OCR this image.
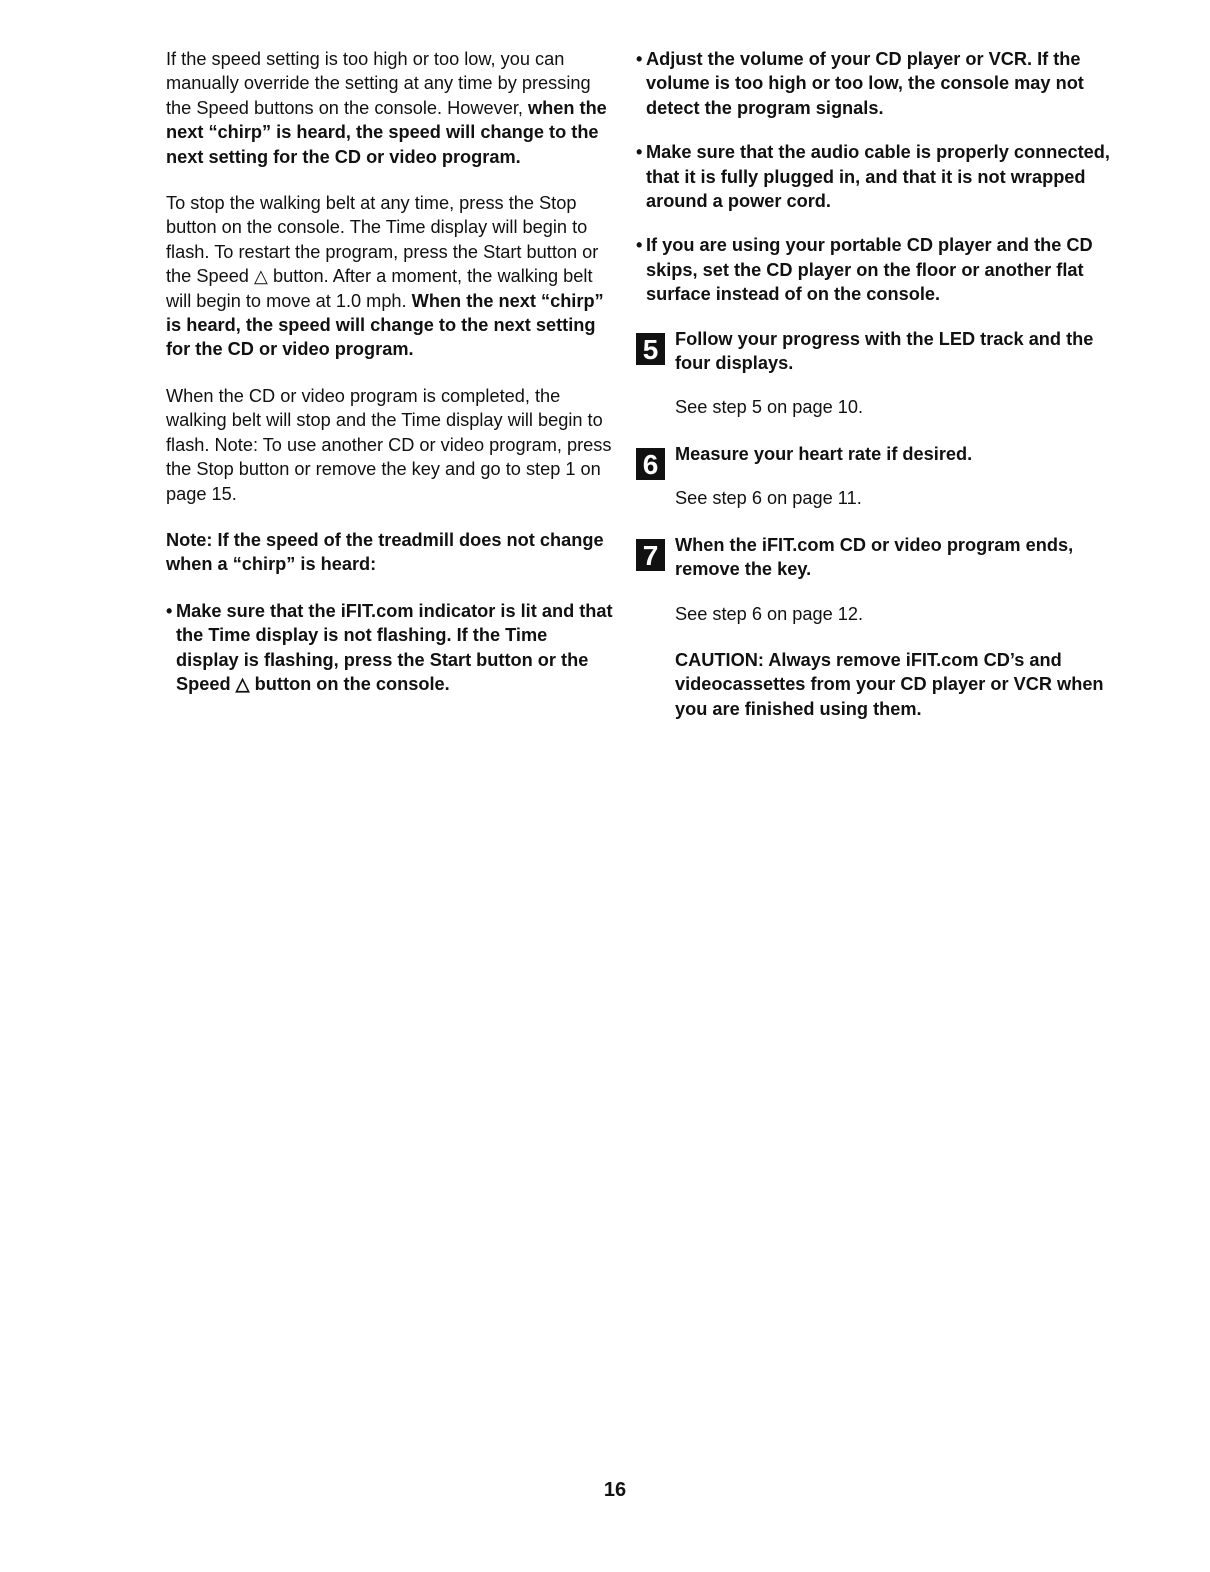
If the speed setting is too high or too low, you can manually override the setting at any time by pressing the Speed buttons on the console. However, when the next “chirp” is heard, the speed will change to the next setting for the CD or video program.

To stop the walking belt at any time, press the Stop button on the console. The Time display will begin to flash. To restart the program, press the Start button or the Speed △ button. After a moment, the walking belt will begin to move at 1.0 mph. When the next “chirp” is heard, the speed will change to the next setting for the CD or video program.

When the CD or video program is completed, the walking belt will stop and the Time display will begin to flash. Note: To use another CD or video program, press the Stop button or remove the key and go to step 1 on page 15.

Note: If the speed of the treadmill does not change when a “chirp” is heard:

• Make sure that the iFIT.com indicator is lit and that the Time display is not flashing. If the Time display is flashing, press the Start button or the Speed △ button on the console.
• Adjust the volume of your CD player or VCR. If the volume is too high or too low, the console may not detect the program signals.
• Make sure that the audio cable is properly connected, that it is fully plugged in, and that it is not wrapped around a power cord.
• If you are using your portable CD player and the CD skips, set the CD player on the floor or another flat surface instead of on the console.
5 Follow your progress with the LED track and the four displays.

See step 5 on page 10.

6 Measure your heart rate if desired.

See step 6 on page 11.

7 When the iFIT.com CD or video program ends, remove the key.

See step 6 on page 12.

CAUTION: Always remove iFIT.com CD’s and videocassettes from your CD player or VCR when you are finished using them.

16
